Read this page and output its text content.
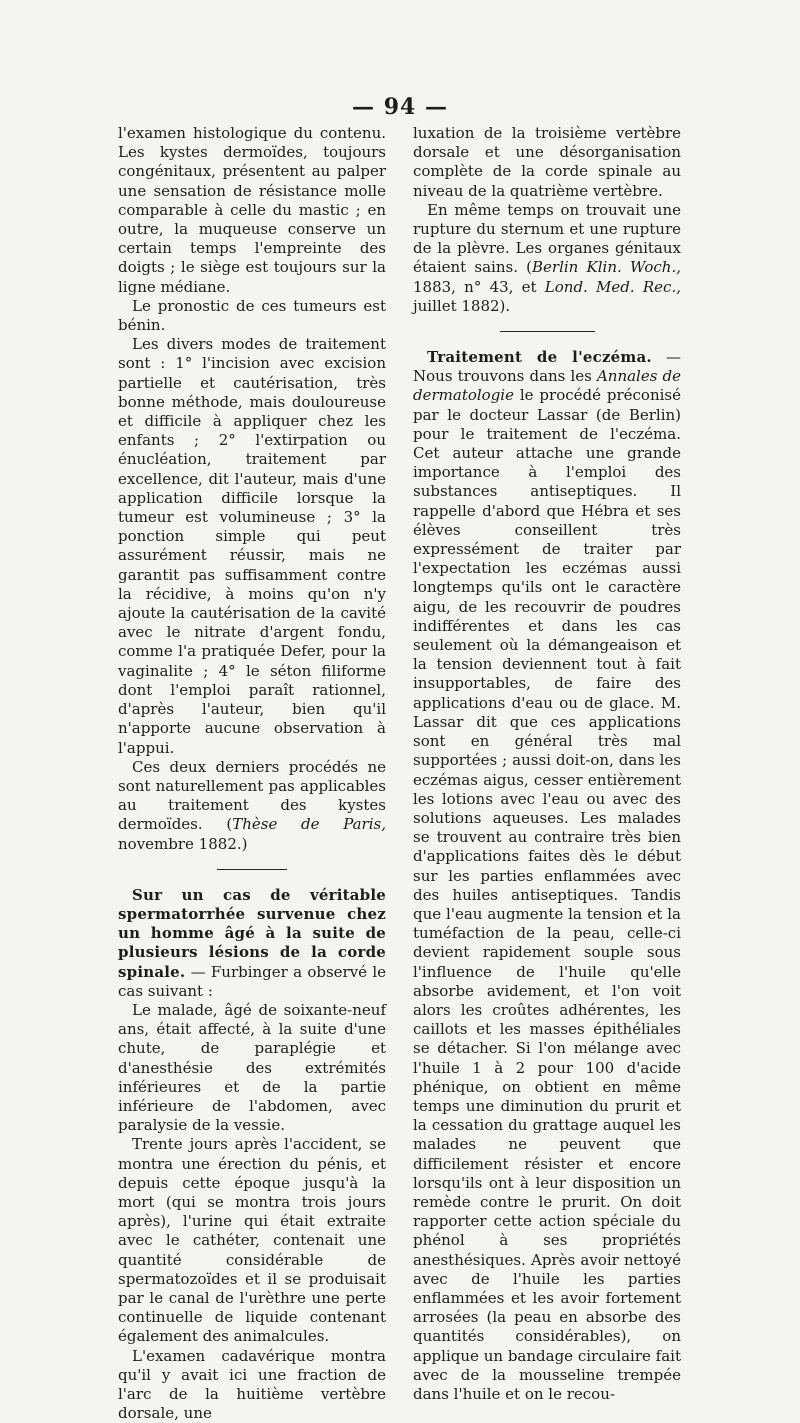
— 94 —

l'examen histologique du contenu. Les kystes dermoïdes, toujours congénitaux, présentent au palper une sensation de résistance molle comparable à celle du mastic ; en outre, la muqueuse conserve un certain temps l'empreinte des doigts ; le siège est toujours sur la ligne médiane.

Le pronostic de ces tumeurs est bénin.

Les divers modes de traitement sont : 1° l'incision avec excision partielle et cautérisation, très bonne méthode, mais douloureuse et difficile à appliquer chez les enfants ; 2° l'extirpation ou énucléation, traitement par excellence, dit l'auteur, mais d'une application difficile lorsque la tumeur est volumineuse ; 3° la ponction simple qui peut assurément réussir, mais ne garantit pas suffisamment contre la récidive, à moins qu'on n'y ajoute la cautérisation de la cavité avec le nitrate d'argent fondu, comme l'a pratiquée Defer, pour la vaginalite ; 4° le séton filiforme dont l'emploi paraît rationnel, d'après l'auteur, bien qu'il n'apporte aucune observation à l'appui.

Ces deux derniers procédés ne sont naturellement pas applicables au traitement des kystes dermoïdes. (Thèse de Paris, novembre 1882.)

Sur un cas de véritable spermatorrhée survenue chez un homme âgé à la suite de plusieurs lésions de la corde spinale. — Furbinger a observé le cas suivant :

Le malade, âgé de soixante-neuf ans, était affecté, à la suite d'une chute, de paraplégie et d'anesthésie des extrémités inférieures et de la partie inférieure de l'abdomen, avec paralysie de la vessie.

Trente jours après l'accident, se montra une érection du pénis, et depuis cette époque jusqu'à la mort (qui se montra trois jours après), l'urine qui était extraite avec le cathéter, contenait une quantité considérable de spermatozoïdes et il se produisait par le canal de l'urèthre une perte continuelle de liquide contenant également des animalcules.

L'examen cadavérique montra qu'il y avait ici une fraction de l'arc de la huitième vertèbre dorsale, une

luxation de la troisième vertèbre dorsale et une désorganisation complète de la corde spinale au niveau de la quatrième vertèbre.

En même temps on trouvait une rupture du sternum et une rupture de la plèvre. Les organes génitaux étaient sains. (Berlin Klin. Woch., 1883, n° 43, et Lond. Med. Rec., juillet 1882).

Traitement de l'eczéma. — Nous trouvons dans les Annales de dermatologie le procédé préconisé par le docteur Lassar (de Berlin) pour le traitement de l'eczéma. Cet auteur attache une grande importance à l'emploi des substances antiseptiques. Il rappelle d'abord que Hébra et ses élèves conseillent très expressément de traiter par l'expectation les eczémas aussi longtemps qu'ils ont le caractère aigu, de les recouvrir de poudres indifférentes et dans les cas seulement où la démangeaison et la tension deviennent tout à fait insupportables, de faire des applications d'eau ou de glace. M. Lassar dit que ces applications sont en général très mal supportées ; aussi doit-on, dans les eczémas aigus, cesser entièrement les lotions avec l'eau ou avec des solutions aqueuses. Les malades se trouvent au contraire très bien d'applications faites dès le début sur les parties enflammées avec des huiles antiseptiques. Tandis que l'eau augmente la tension et la tuméfaction de la peau, celle-ci devient rapidement souple sous l'influence de l'huile qu'elle absorbe avidement, et l'on voit alors les croûtes adhérentes, les caillots et les masses épithéliales se détacher. Si l'on mélange avec l'huile 1 à 2 pour 100 d'acide phénique, on obtient en même temps une diminution du prurit et la cessation du grattage auquel les malades ne peuvent que difficilement résister et encore lorsqu'ils ont à leur disposition un remède contre le prurit. On doit rapporter cette action spéciale du phénol à ses propriétés anesthésiques. Après avoir nettoyé avec de l'huile les parties enflammées et les avoir fortement arrosées (la peau en absorbe des quantités considérables), on applique un bandage circulaire fait avec de la mousseline trempée dans l'huile et on le recou-
